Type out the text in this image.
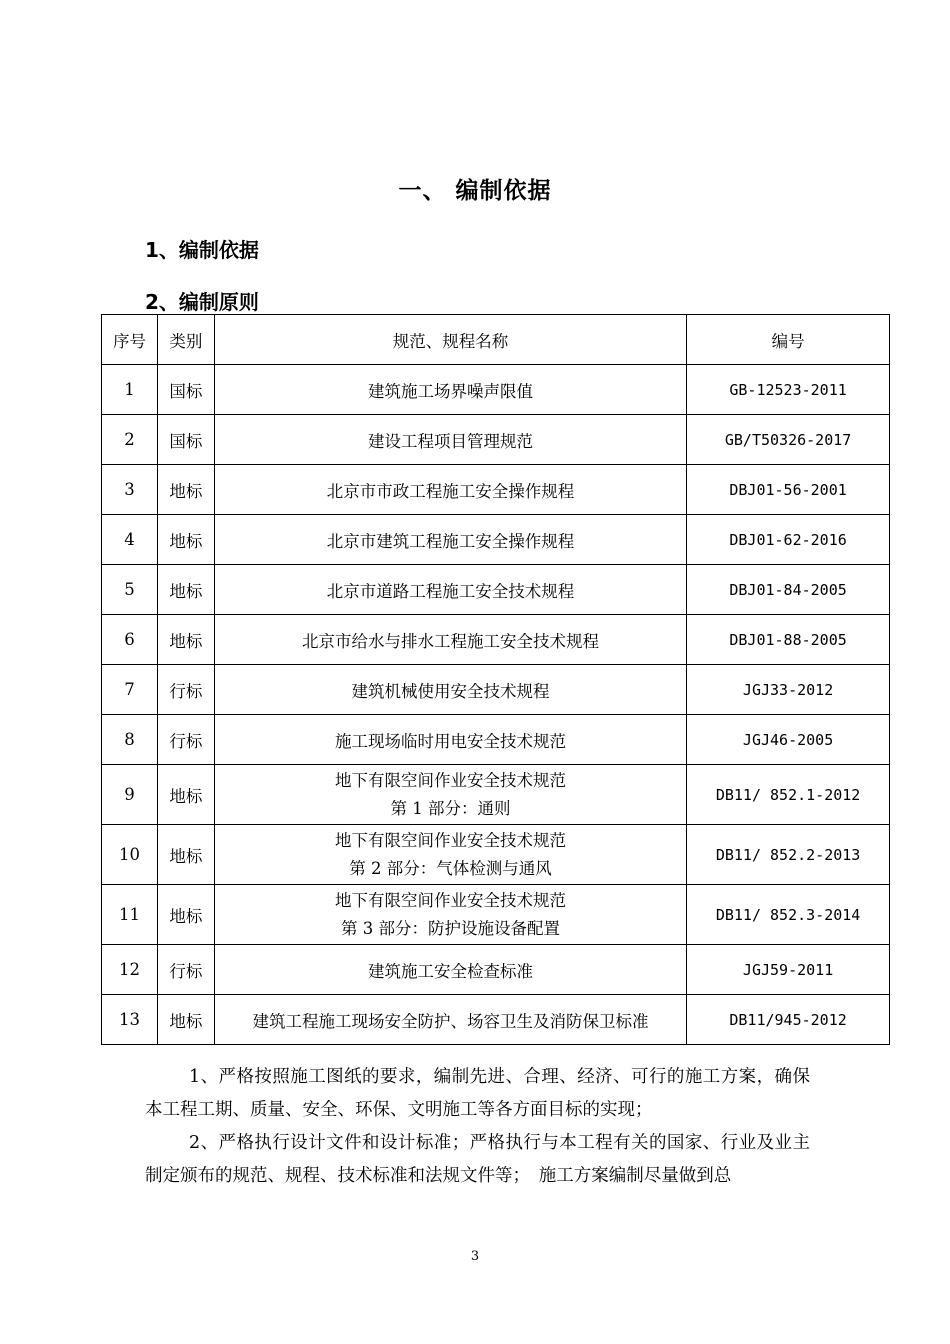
一、 编制依据
1、编制依据
2、编制原则
序号	类别	规范、规程名称	编号
1	国标	建筑施工场界噪声限值	GB-12523-2011
2	国标	建设工程项目管理规范	GB/T50326-2017
3	地标	北京市市政工程施工安全操作规程	DBJ01-56-2001
4	地标	北京市建筑工程施工安全操作规程	DBJ01-62-2016
5	地标	北京市道路工程施工安全技术规程	DBJ01-84-2005
6	地标	北京市给水与排水工程施工安全技术规程	DBJ01-88-2005
7	行标	建筑机械使用安全技术规程	JGJ33-2012
8	行标	施工现场临时用电安全技术规范	JGJ46-2005
9	地标	地下有限空间作业安全技术规范
第 1 部分：通则	DB11/ 852.1-2012
10	地标	地下有限空间作业安全技术规范
第 2 部分：气体检测与通风	DB11/ 852.2-2013
11	地标	地下有限空间作业安全技术规范
第 3 部分：防护设施设备配置	DB11/ 852.3-2014
12	行标	建筑施工安全检查标准	JGJ59-2011
13	地标	建筑工程施工现场安全防护、场容卫生及消防保卫标准	DB11/945-2012
1、严格按照施工图纸的要求，编制先进、合理、经济、可行的施工方案，确保本工程工期、质量、安全、环保、文明施工等各方面目标的实现；
2、严格执行设计文件和设计标准；严格执行与本工程有关的国家、行业及业主制定颁布的规范、规程、技术标准和法规文件等；　施工方案编制尽量做到总
3
